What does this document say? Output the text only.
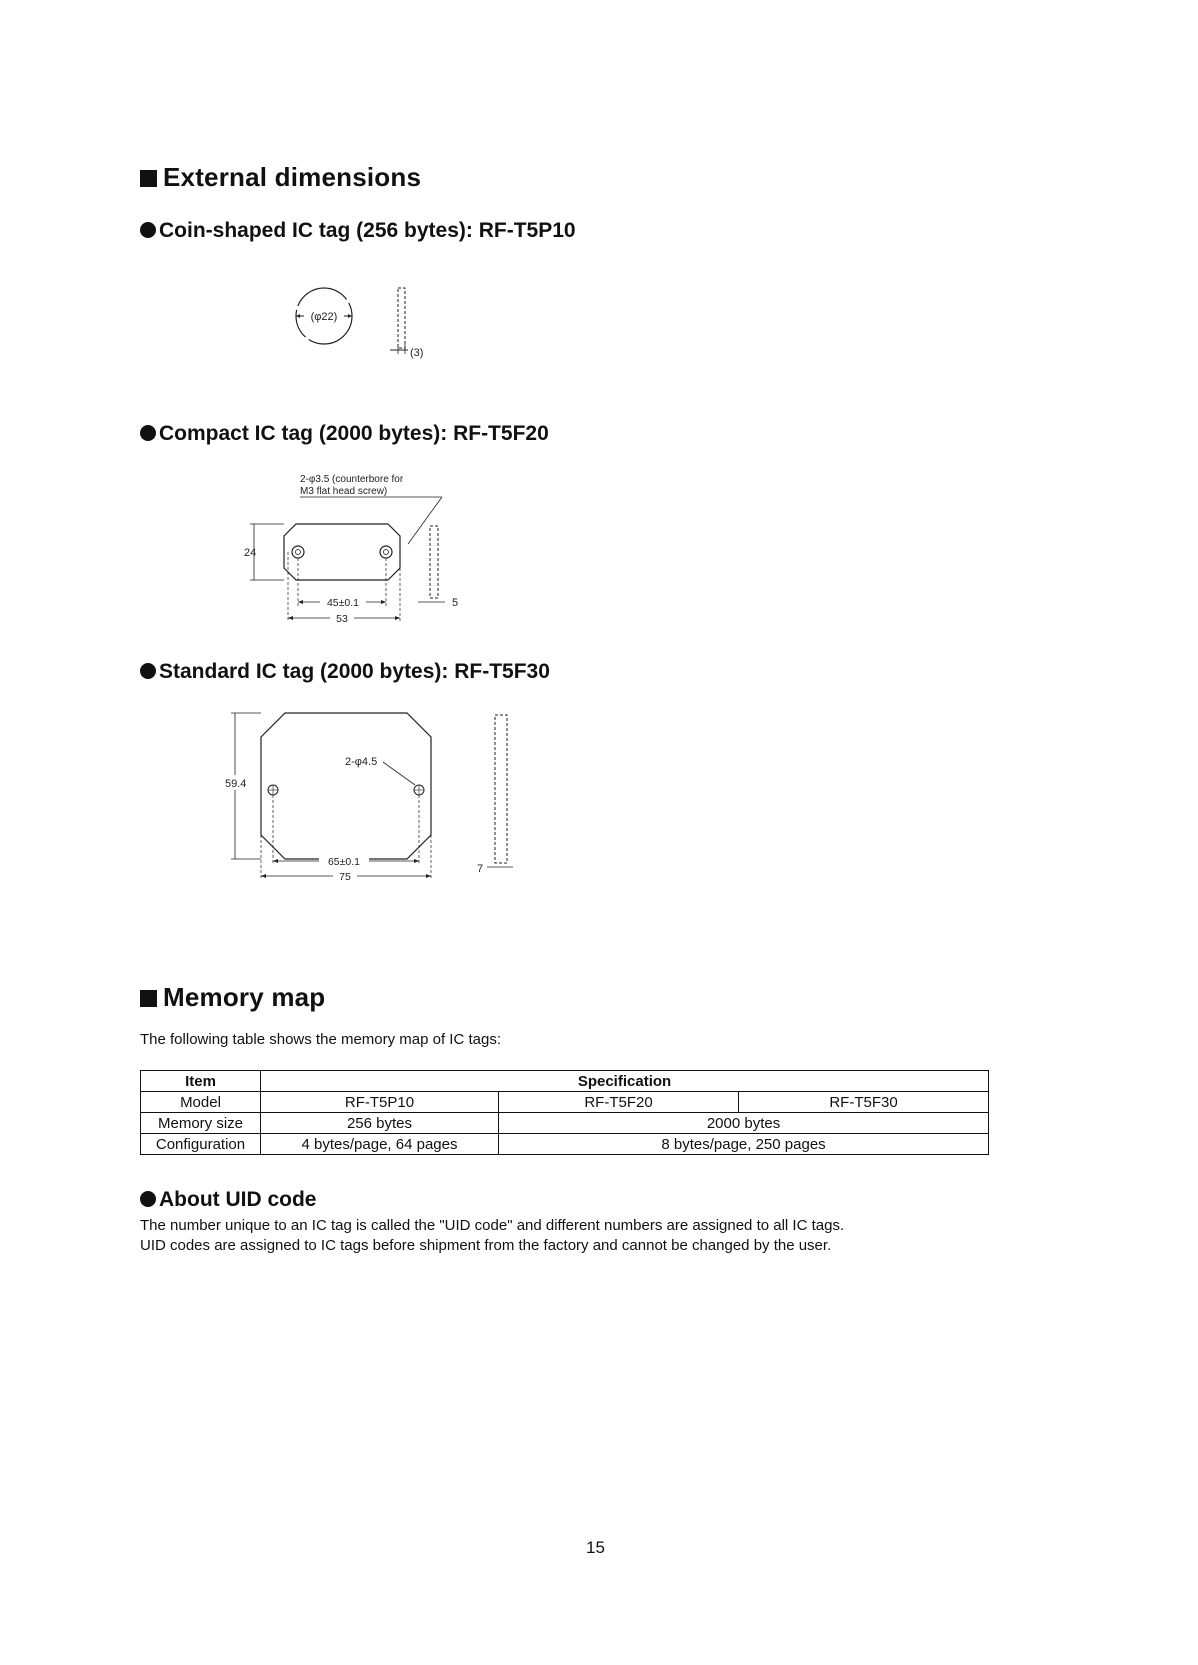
External dimensions
Coin-shaped IC tag (256 bytes): RF-T5P10
(φ22)
(3)
Compact IC tag (2000 bytes): RF-T5F20
2-φ3.5 (counterbore for
M3 flat head screw)
24
45±0.1
53
5
Standard IC tag (2000 bytes): RF-T5F30
2-φ4.5
59.4
65±0.1
75
7
Memory map
The following table shows the memory map of IC tags:
Item	Specification		
Model	RF-T5P10	RF-T5F20	RF-T5F30
Memory size	256 bytes	2000 bytes	
Configuration	4 bytes/page, 64 pages	8 bytes/page, 250 pages	
About UID code
The number unique to an IC tag is called the "UID code" and different numbers are assigned to all IC tags.
UID codes are assigned to IC tags before shipment from the factory and cannot be changed by the user.
15
